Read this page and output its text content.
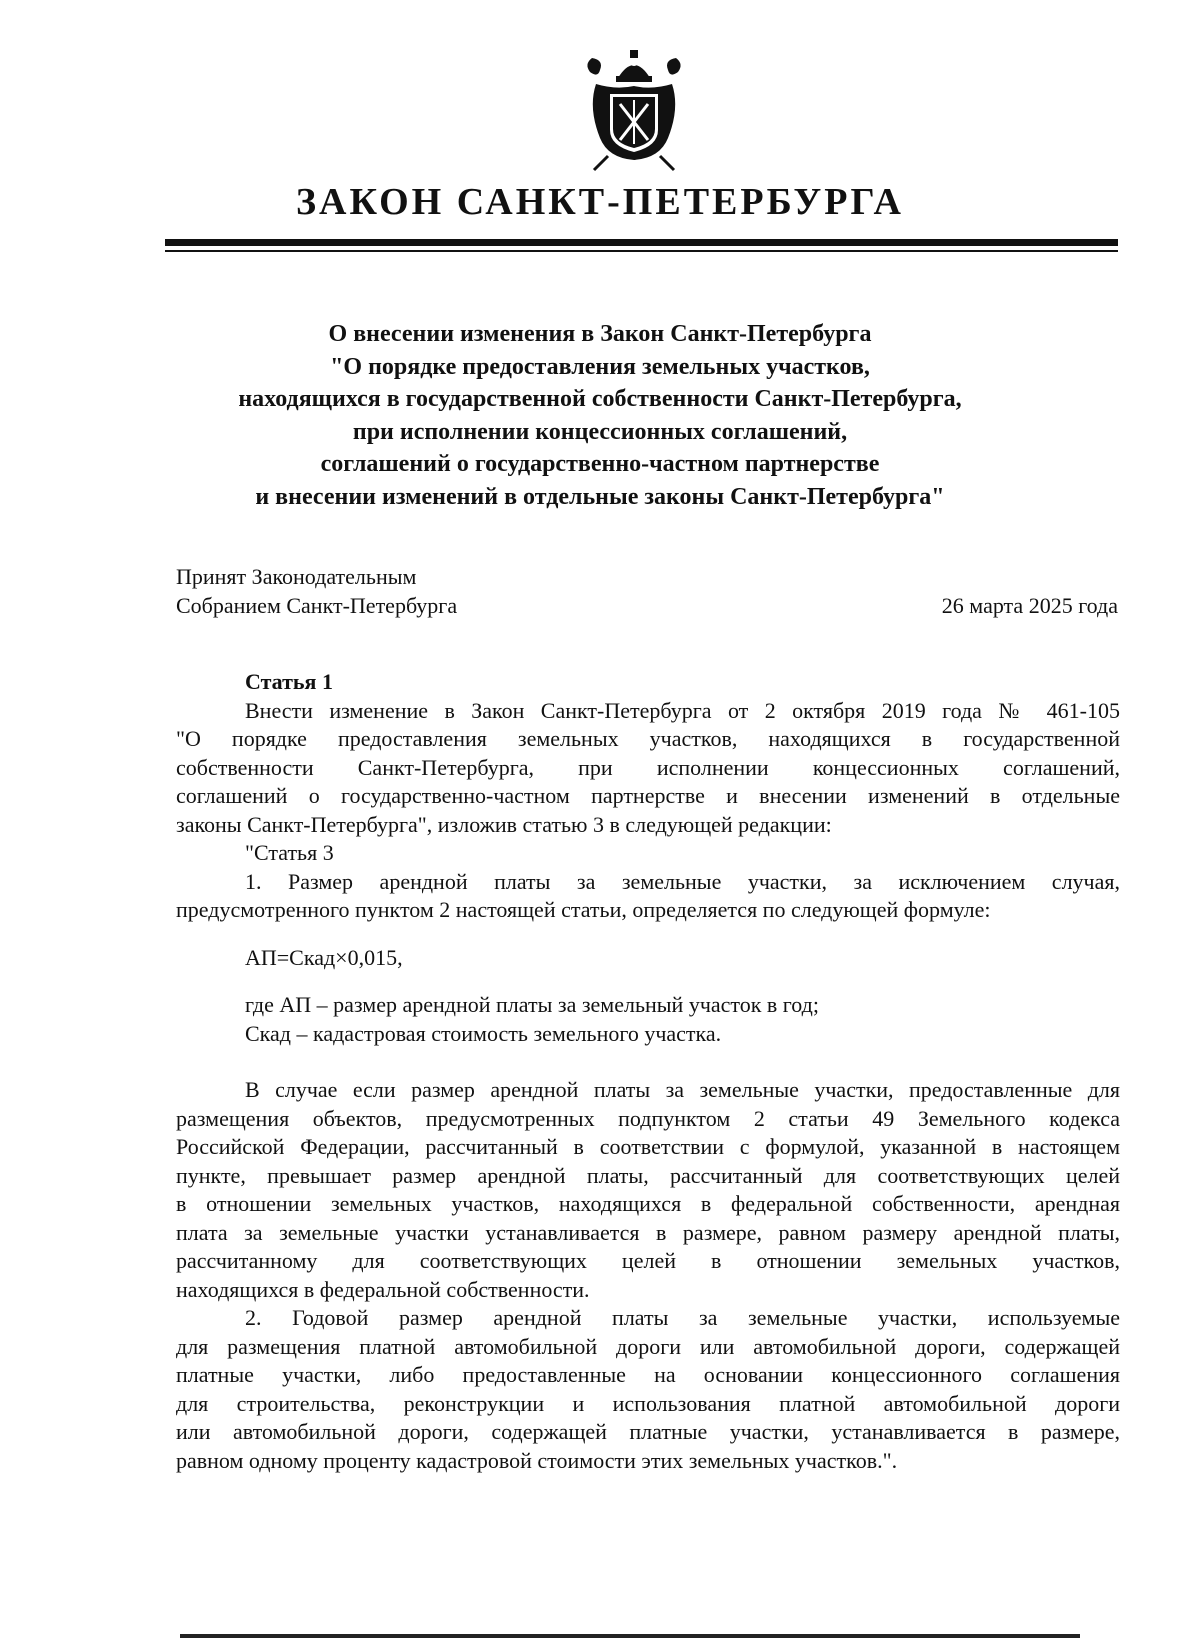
ЗАКОН САНКТ-ПЕТЕРБУРГА
О внесении изменения в Закон Санкт-Петербурга
"О порядке предоставления земельных участков,
находящихся в государственной собственности Санкт-Петербурга,
при исполнении концессионных соглашений,
соглашений о государственно-частном партнерстве
и внесении изменений в отдельные законы Санкт-Петербурга"
Принят Законодательным
Собранием Санкт-Петербурга	26 марта 2025 года
Статья 1
Внести изменение в Закон Санкт-Петербурга от 2 октября 2019 года № 461-105
"О порядке предоставления земельных участков, находящихся в государственной
собственности Санкт-Петербурга, при исполнении концессионных соглашений,
соглашений о государственно-частном партнерстве и внесении изменений в отдельные
законы Санкт-Петербурга", изложив статью 3 в следующей редакции:
"Статья 3
1. Размер арендной платы за земельные участки, за исключением случая,
предусмотренного пунктом 2 настоящей статьи, определяется по следующей формуле:
АП=Скад×0,015,
где АП – размер арендной платы за земельный участок в год;
Скад – кадастровая стоимость земельного участка.
В случае если размер арендной платы за земельные участки, предоставленные для
размещения объектов, предусмотренных подпунктом 2 статьи 49 Земельного кодекса
Российской Федерации, рассчитанный в соответствии с формулой, указанной в настоящем
пункте, превышает размер арендной платы, рассчитанный для соответствующих целей
в отношении земельных участков, находящихся в федеральной собственности, арендная
плата за земельные участки устанавливается в размере, равном размеру арендной платы,
рассчитанному для соответствующих целей в отношении земельных участков,
находящихся в федеральной собственности.
2. Годовой размер арендной платы за земельные участки, используемые
для размещения платной автомобильной дороги или автомобильной дороги, содержащей
платные участки, либо предоставленные на основании концессионного соглашения
для строительства, реконструкции и использования платной автомобильной дороги
или автомобильной дороги, содержащей платные участки, устанавливается в размере,
равном одному проценту кадастровой стоимости этих земельных участков.".
